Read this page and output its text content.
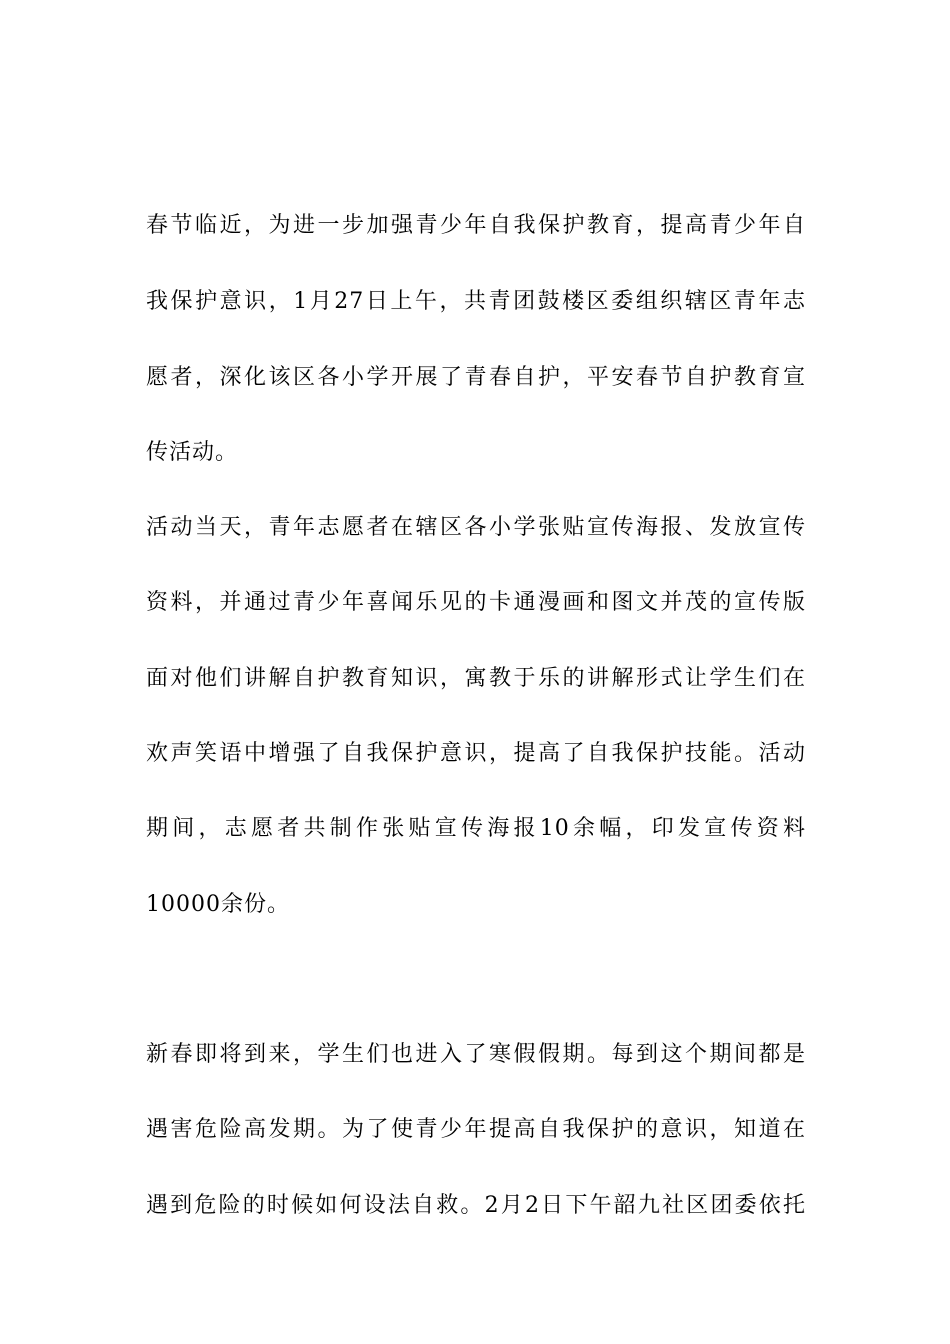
春节临近，为进一步加强青少年自我保护教育，提高青少年自
我保护意识，1月27日上午，共青团鼓楼区委组织辖区青年志
愿者，深化该区各小学开展了青春自护，平安春节自护教育宣
传活动。
活动当天，青年志愿者在辖区各小学张贴宣传海报、发放宣传
资料，并通过青少年喜闻乐见的卡通漫画和图文并茂的宣传版
面对他们讲解自护教育知识，寓教于乐的讲解形式让学生们在
欢声笑语中增强了自我保护意识，提高了自我保护技能。活动
期间，志愿者共制作张贴宣传海报10余幅，印发宣传资料
10000余份。
新春即将到来，学生们也进入了寒假假期。每到这个期间都是
遇害危险高发期。为了使青少年提高自我保护的意识，知道在
遇到危险的时候如何设法自救。2月2日下午韶九社区团委依托
